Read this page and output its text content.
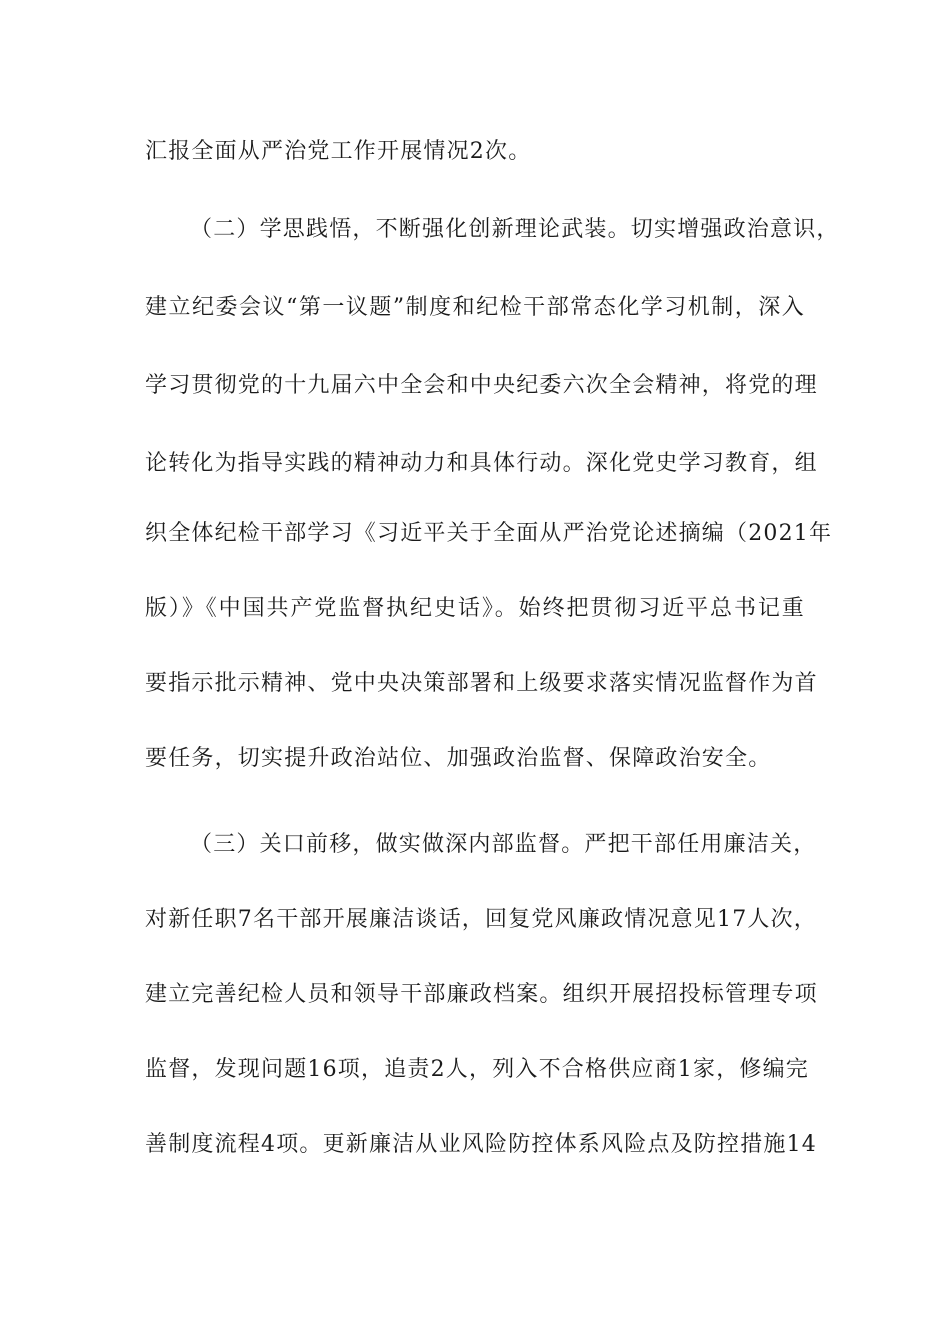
汇报全面从严治党工作开展情况2次。
（二）学思践悟，不断强化创新理论武装。切实增强政治意识，
建立纪委会议“第一议题”制度和纪检干部常态化学习机制，深入
学习贯彻党的十九届六中全会和中央纪委六次全会精神，将党的理
论转化为指导实践的精神动力和具体行动。深化党史学习教育，组
织全体纪检干部学习《习近平关于全面从严治党论述摘编（2021年
版）》《中国共产党监督执纪史话》。始终把贯彻习近平总书记重
要指示批示精神、党中央决策部署和上级要求落实情况监督作为首
要任务，切实提升政治站位、加强政治监督、保障政治安全。
（三）关口前移，做实做深内部监督。严把干部任用廉洁关，
对新任职7名干部开展廉洁谈话，回复党风廉政情况意见17人次，
建立完善纪检人员和领导干部廉政档案。组织开展招投标管理专项
监督，发现问题16项，追责2人，列入不合格供应商1家，修编完
善制度流程4项。更新廉洁从业风险防控体系风险点及防控措施14
